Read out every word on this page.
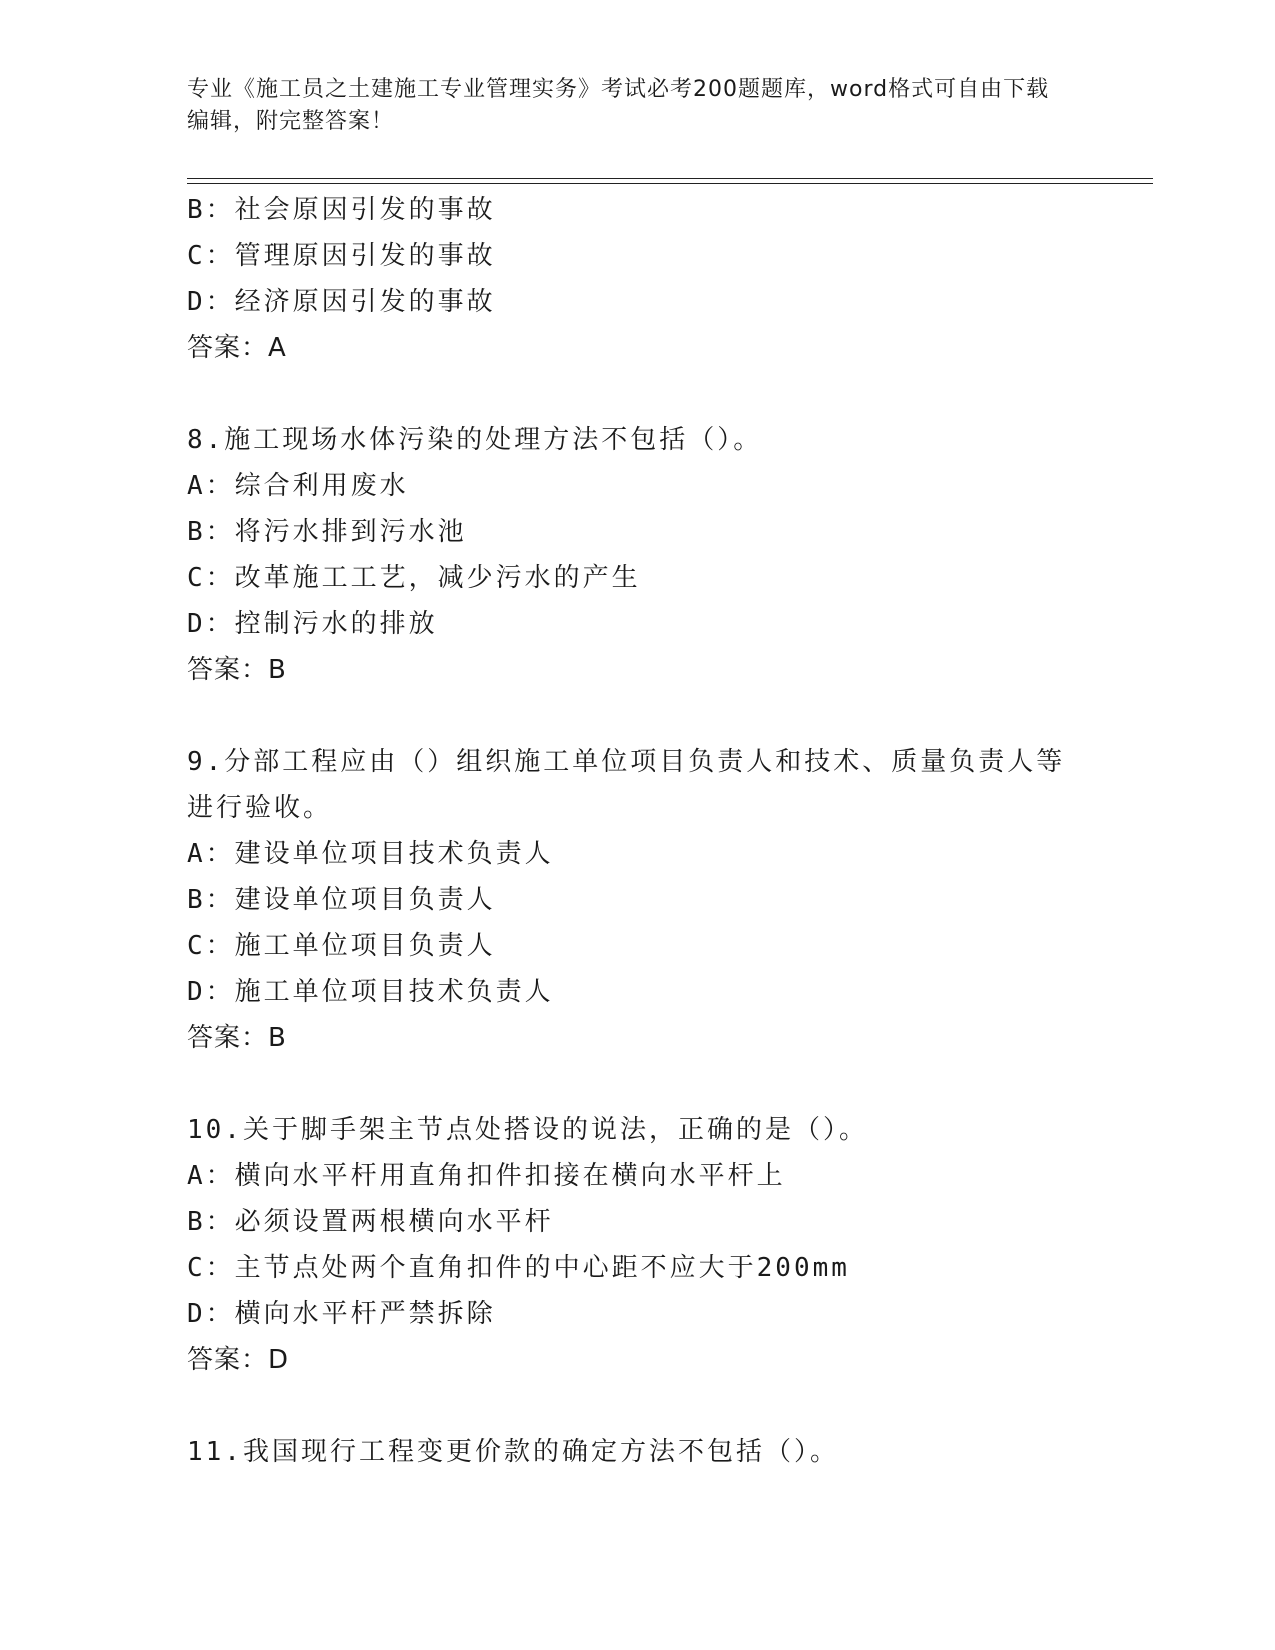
专业《施工员之土建施工专业管理实务》考试必考200题题库，word格式可自由下载编辑，附完整答案！
B：社会原因引发的事故
C：管理原因引发的事故
D：经济原因引发的事故
答案：A
8.施工现场水体污染的处理方法不包括（）。
A：综合利用废水
B：将污水排到污水池
C：改革施工工艺，减少污水的产生
D：控制污水的排放
答案：B
9.分部工程应由（）组织施工单位项目负责人和技术、质量负责人等进行验收。
A：建设单位项目技术负责人
B：建设单位项目负责人
C：施工单位项目负责人
D：施工单位项目技术负责人
答案：B
10.关于脚手架主节点处搭设的说法，正确的是（）。
A：横向水平杆用直角扣件扣接在横向水平杆上
B：必须设置两根横向水平杆
C：主节点处两个直角扣件的中心距不应大于200mm
D：横向水平杆严禁拆除
答案：D
11.我国现行工程变更价款的确定方法不包括（）。
